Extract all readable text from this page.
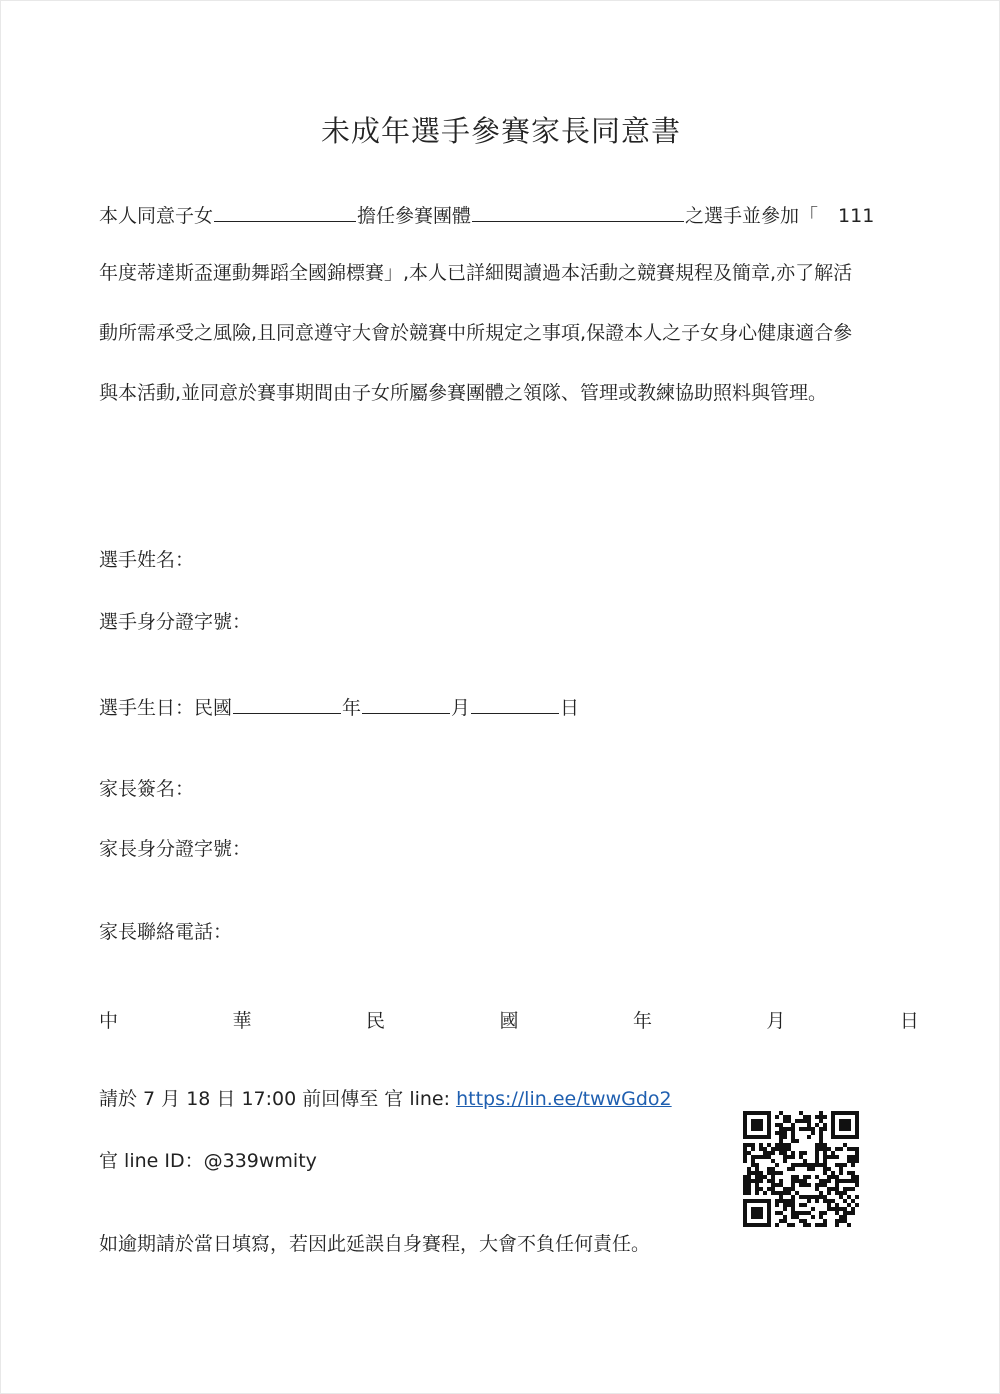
未成年選手參賽家長同意書
本人同意子女	擔任參賽團體	之選手並參加「 111
年度蒂達斯盃運動舞蹈全國錦標賽」,本人已詳細閱讀過本活動之競賽規程及簡章,亦了解活
動所需承受之風險,且同意遵守大會於競賽中所規定之事項,保證本人之子女身心健康適合參
與本活動,並同意於賽事期間由子女所屬參賽團體之領隊、管理或教練協助照料與管理。
選手姓名：
選手身分證字號：
選手生日：民國	年	月	日
家長簽名：
家長身分證字號：
家長聯絡電話：
中	華	民	國	年	月	日
請於 7 月 18 日 17:00 前回傳至 官 line: https://lin.ee/twwGdo2
官 line ID：@339wmity
如逾期請於當日填寫，若因此延誤自身賽程，大會不負任何責任。
